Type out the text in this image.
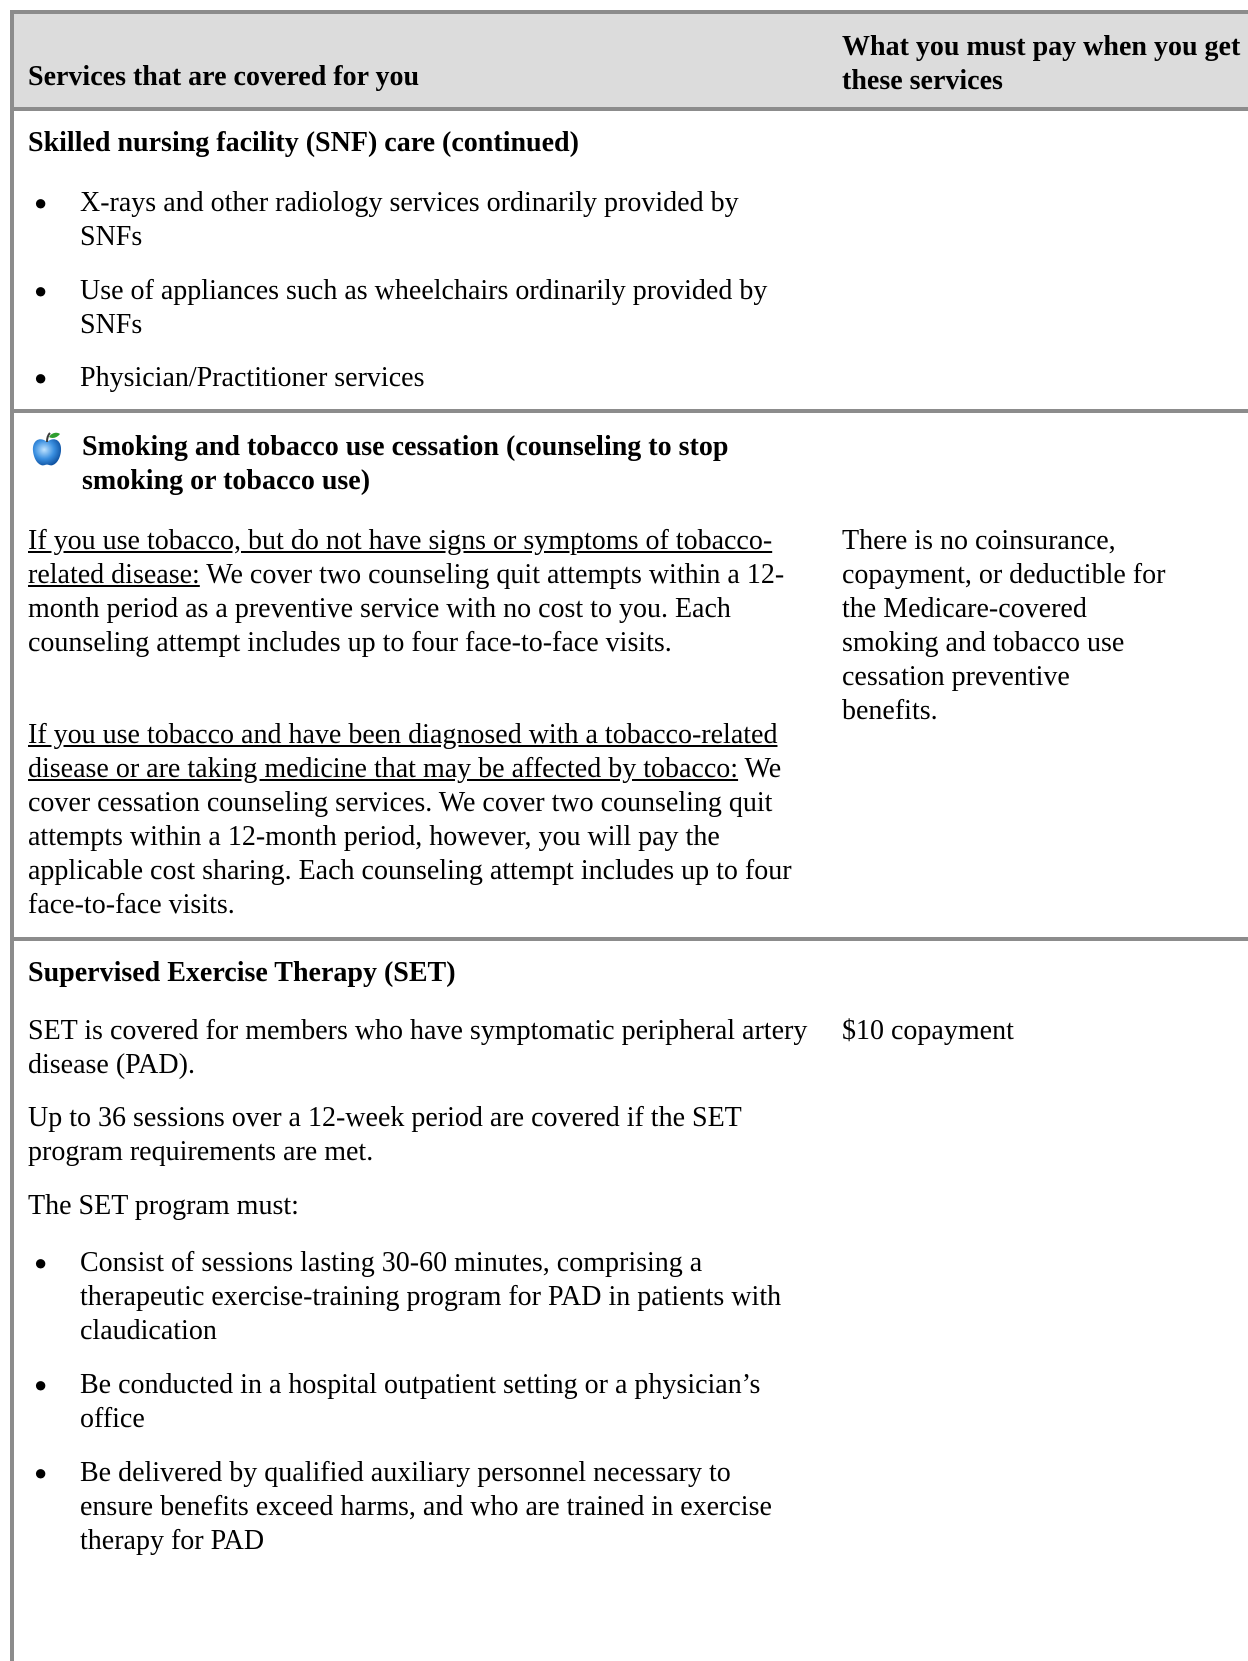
Services that are covered for you
What you must pay when you get these services
Skilled nursing facility (SNF) care (continued)
● X-rays and other radiology services ordinarily provided by SNFs
● Use of appliances such as wheelchairs ordinarily provided by SNFs
● Physician/Practitioner services
Smoking and tobacco use cessation (counseling to stop smoking or tobacco use)
If you use tobacco, but do not have signs or symptoms of tobacco-related disease: We cover two counseling quit attempts within a 12-month period as a preventive service with no cost to you. Each counseling attempt includes up to four face-to-face visits.
If you use tobacco and have been diagnosed with a tobacco-related disease or are taking medicine that may be affected by tobacco: We cover cessation counseling services. We cover two counseling quit attempts within a 12-month period, however, you will pay the applicable cost sharing. Each counseling attempt includes up to four face-to-face visits.
There is no coinsurance, copayment, or deductible for the Medicare-covered smoking and tobacco use cessation preventive benefits.
Supervised Exercise Therapy (SET)
SET is covered for members who have symptomatic peripheral artery disease (PAD).
Up to 36 sessions over a 12-week period are covered if the SET program requirements are met.
The SET program must:
● Consist of sessions lasting 30-60 minutes, comprising a therapeutic exercise-training program for PAD in patients with claudication
● Be conducted in a hospital outpatient setting or a physician’s office
● Be delivered by qualified auxiliary personnel necessary to ensure benefits exceed harms, and who are trained in exercise therapy for PAD
$10 copayment
